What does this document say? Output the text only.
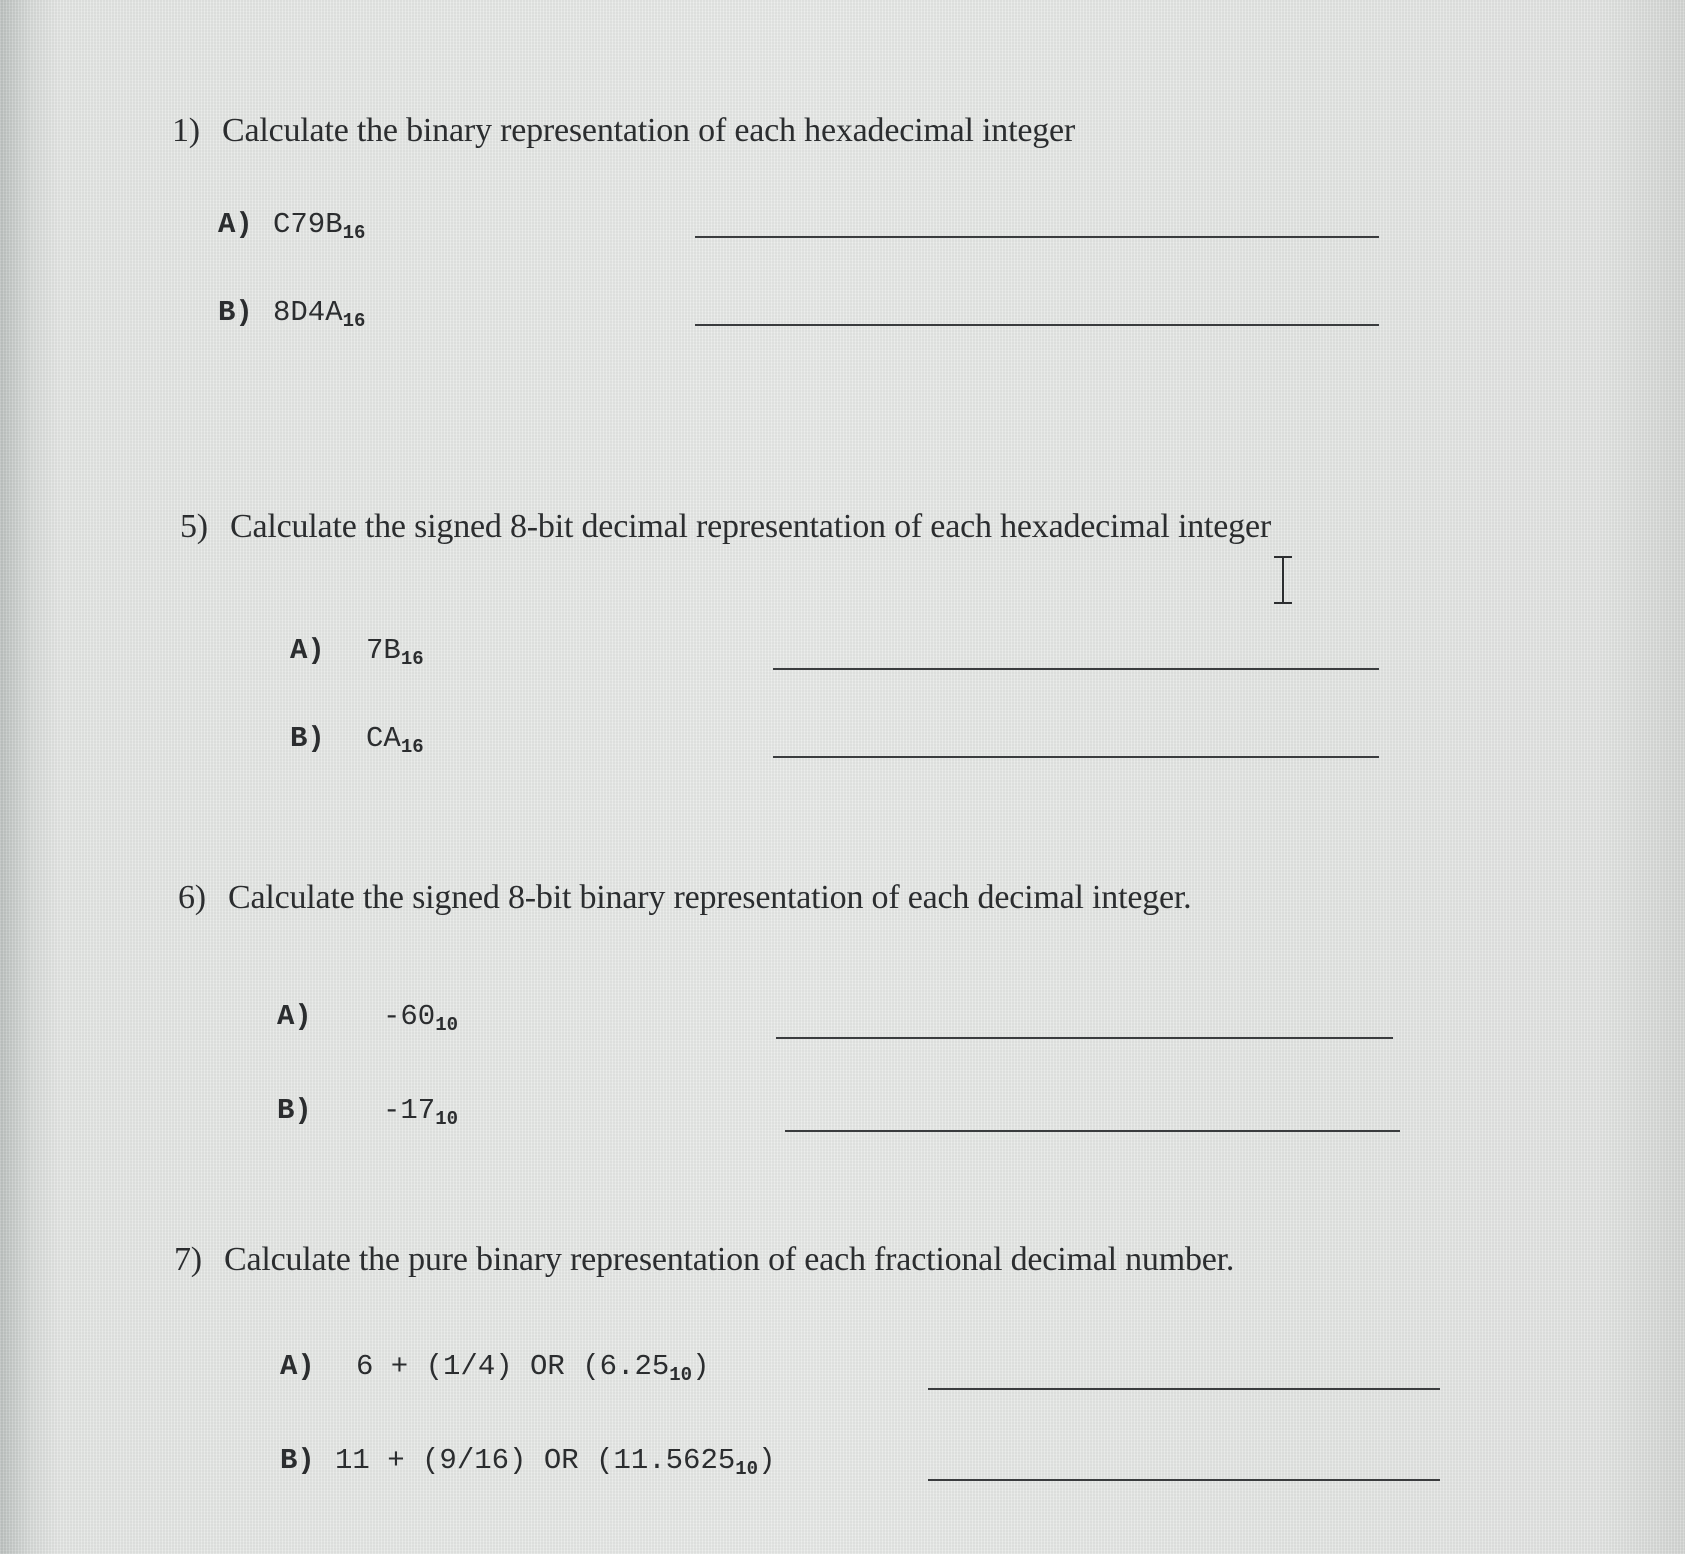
1) Calculate the binary representation of each hexadecimal integer
A) $C79B_{16}$
B) $8D4A_{16}$
5) Calculate the signed 8-bit decimal representation of each hexadecimal integer
A) $7B_{16}$
B) $CA_{16}$
6) Calculate the signed 8-bit binary representation of each decimal integer.
A) $-60_{10}$
B) $-17_{10}$
7) Calculate the pure binary representation of each fractional decimal number.
A) 6 + (1/4) OR $(6.25_{10})$
B) 11 + (9/16) OR $(11.5625_{10})$
